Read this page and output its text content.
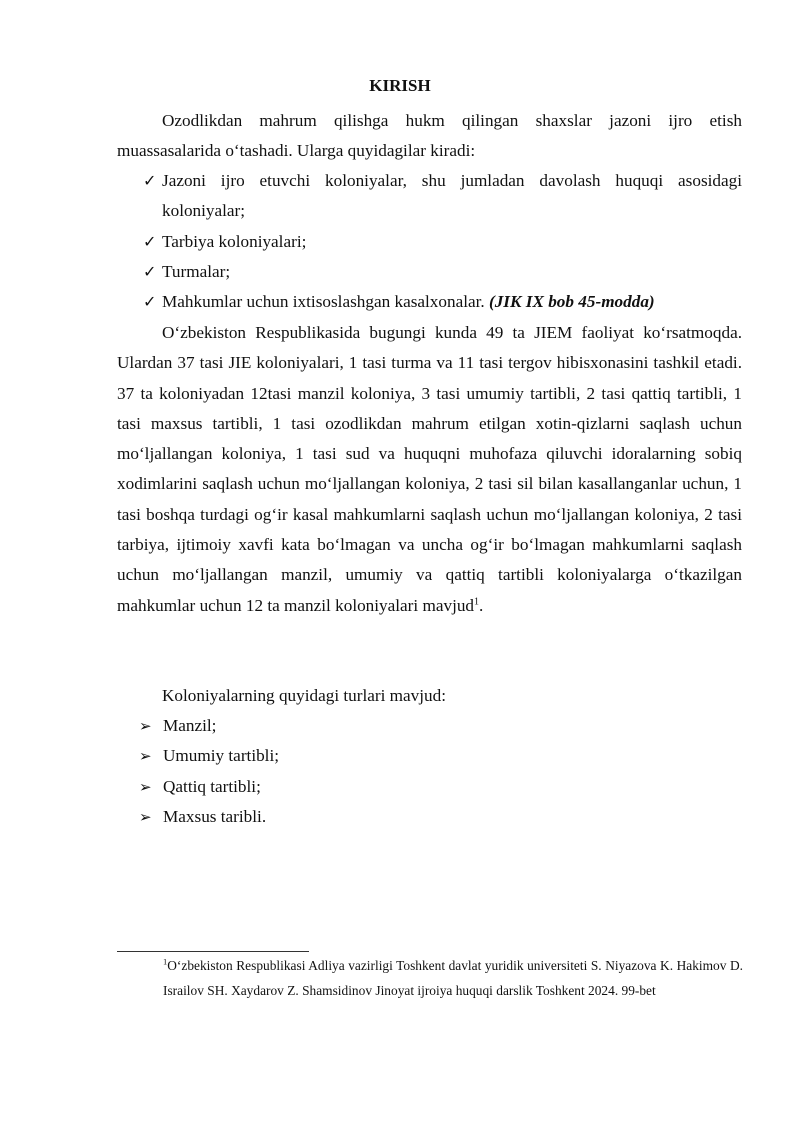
KIRISH

Ozodlikdan mahrum qilishga hukm qilingan shaxslar jazoni ijro etish muassasalarida o‘tashadi. Ularga quyidagilar kiradi:

✓ Jazoni ijro etuvchi koloniyalar, shu jumladan davolash huquqi asosidagi koloniyalar;

✓ Tarbiya koloniyalari;

✓ Turmalar;

✓ Mahkumlar uchun ixtisoslashgan kasalxonalar. (JIK IX bob 45-modda)

O‘zbekiston Respublikasida bugungi kunda 49 ta JIEM faoliyat ko‘rsatmoqda. Ulardan 37 tasi JIE koloniyalari, 1 tasi turma va 11 tasi tergov hibisxonasini tashkil etadi. 37 ta koloniyadan 12tasi manzil koloniya, 3 tasi umumiy tartibli, 2 tasi qattiq tartibli, 1 tasi maxsus tartibli, 1 tasi ozodlikdan mahrum etilgan xotin-qizlarni saqlash uchun mo‘ljallangan koloniya, 1 tasi sud va huquqni muhofaza qiluvchi idoralarning sobiq xodimlarini saqlash uchun mo‘ljallangan koloniya, 2 tasi sil bilan kasallanganlar uchun, 1 tasi boshqa turdagi og‘ir kasal mahkumlarni saqlash uchun mo‘ljallangan koloniya, 2 tasi tarbiya, ijtimoiy xavfi kata bo‘lmagan va uncha og‘ir bo‘lmagan mahkumlarni saqlash uchun mo‘ljallangan manzil, umumiy va qattiq tartibli koloniyalarga o‘tkazilgan mahkumlar uchun 12 ta manzil koloniyalari mavjud$^1$.

Koloniyalarning quyidagi turlari mavjud:

➢ Manzil;

➢ Umumiy tartibli;

➢ Qattiq tartibli;

➢ Maxsus taribli.

$^1$O‘zbekiston Respublikasi Adliya vazirligi Toshkent davlat yuridik universiteti S. Niyazova K. Hakimov D. Israilov SH. Xaydarov Z. Shamsidinov Jinoyat ijroiya huquqi darslik Toshkent 2024. 99-bet
